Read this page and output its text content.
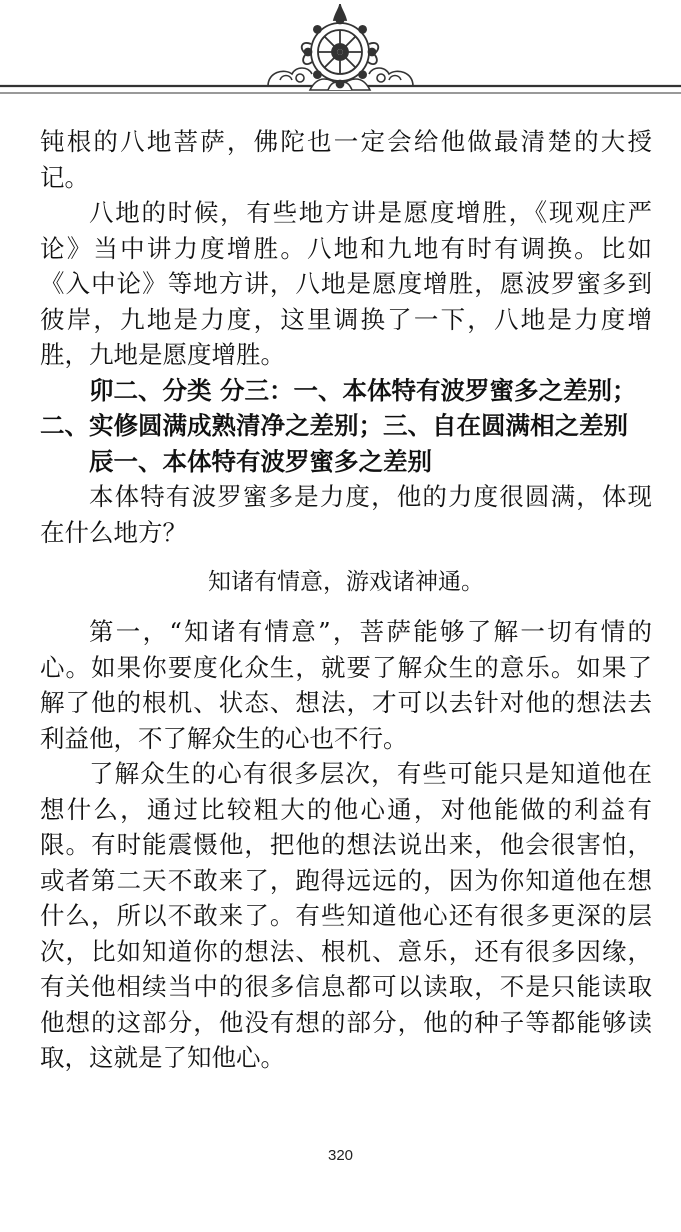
钝根的八地菩萨，佛陀也一定会给他做最清楚的大授记。

八地的时候，有些地方讲是愿度增胜，《现观庄严论》当中讲力度增胜。八地和九地有时有调换。比如《入中论》等地方讲，八地是愿度增胜，愿波罗蜜多到彼岸，九地是力度，这里调换了一下，八地是力度增胜，九地是愿度增胜。

卯二、分类 分三：一、本体特有波罗蜜多之差别；二、实修圆满成熟清净之差别；三、自在圆满相之差别

辰一、本体特有波罗蜜多之差别

本体特有波罗蜜多是力度，他的力度很圆满，体现在什么地方？

知诸有情意，游戏诸神通。

第一，“知诸有情意”，菩萨能够了解一切有情的心。如果你要度化众生，就要了解众生的意乐。如果了解了他的根机、状态、想法，才可以去针对他的想法去利益他，不了解众生的心也不行。

了解众生的心有很多层次，有些可能只是知道他在想什么，通过比较粗大的他心通，对他能做的利益有限。有时能震慑他，把他的想法说出来，他会很害怕，或者第二天不敢来了，跑得远远的，因为你知道他在想什么，所以不敢来了。有些知道他心还有很多更深的层次，比如知道你的想法、根机、意乐，还有很多因缘，有关他相续当中的很多信息都可以读取，不是只能读取他想的这部分，他没有想的部分，他的种子等都能够读取，这就是了知他心。

320
